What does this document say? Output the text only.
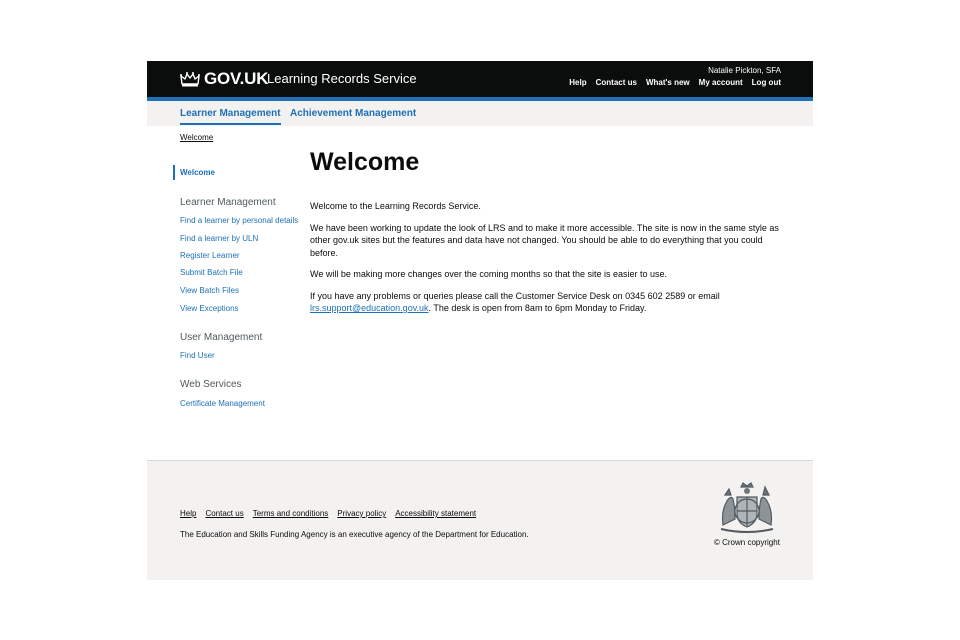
GOV.UK
Learning Records Service
Natalie Pickton, SFA
Help Contact us What's new My account Log out
Learner Management Achievement Management
Welcome
Welcome
Learner Management
Find a learner by personal details
Find a learner by ULN
Register Learner
Submit Batch File
View Batch Files
View Exceptions
User Management
Find User
Web Services
Certificate Management
Welcome

Welcome to the Learning Records Service.

We have been working to update the look of LRS and to make it more accessible. The site is now in the same style as other gov.uk sites but the features and data have not changed. You should be able to do everything that you could before.

We will be making more changes over the coming months so that the site is easier to use.

If you have any problems or queries please call the Customer Service Desk on 0345 602 2589 or email lrs.support@education.gov.uk. The desk is open from 8am to 6pm Monday to Friday.

Help Contact us Terms and conditions Privacy policy Accessibility statement

The Education and Skills Funding Agency is an executive agency of the Department for Education.

© Crown copyright
